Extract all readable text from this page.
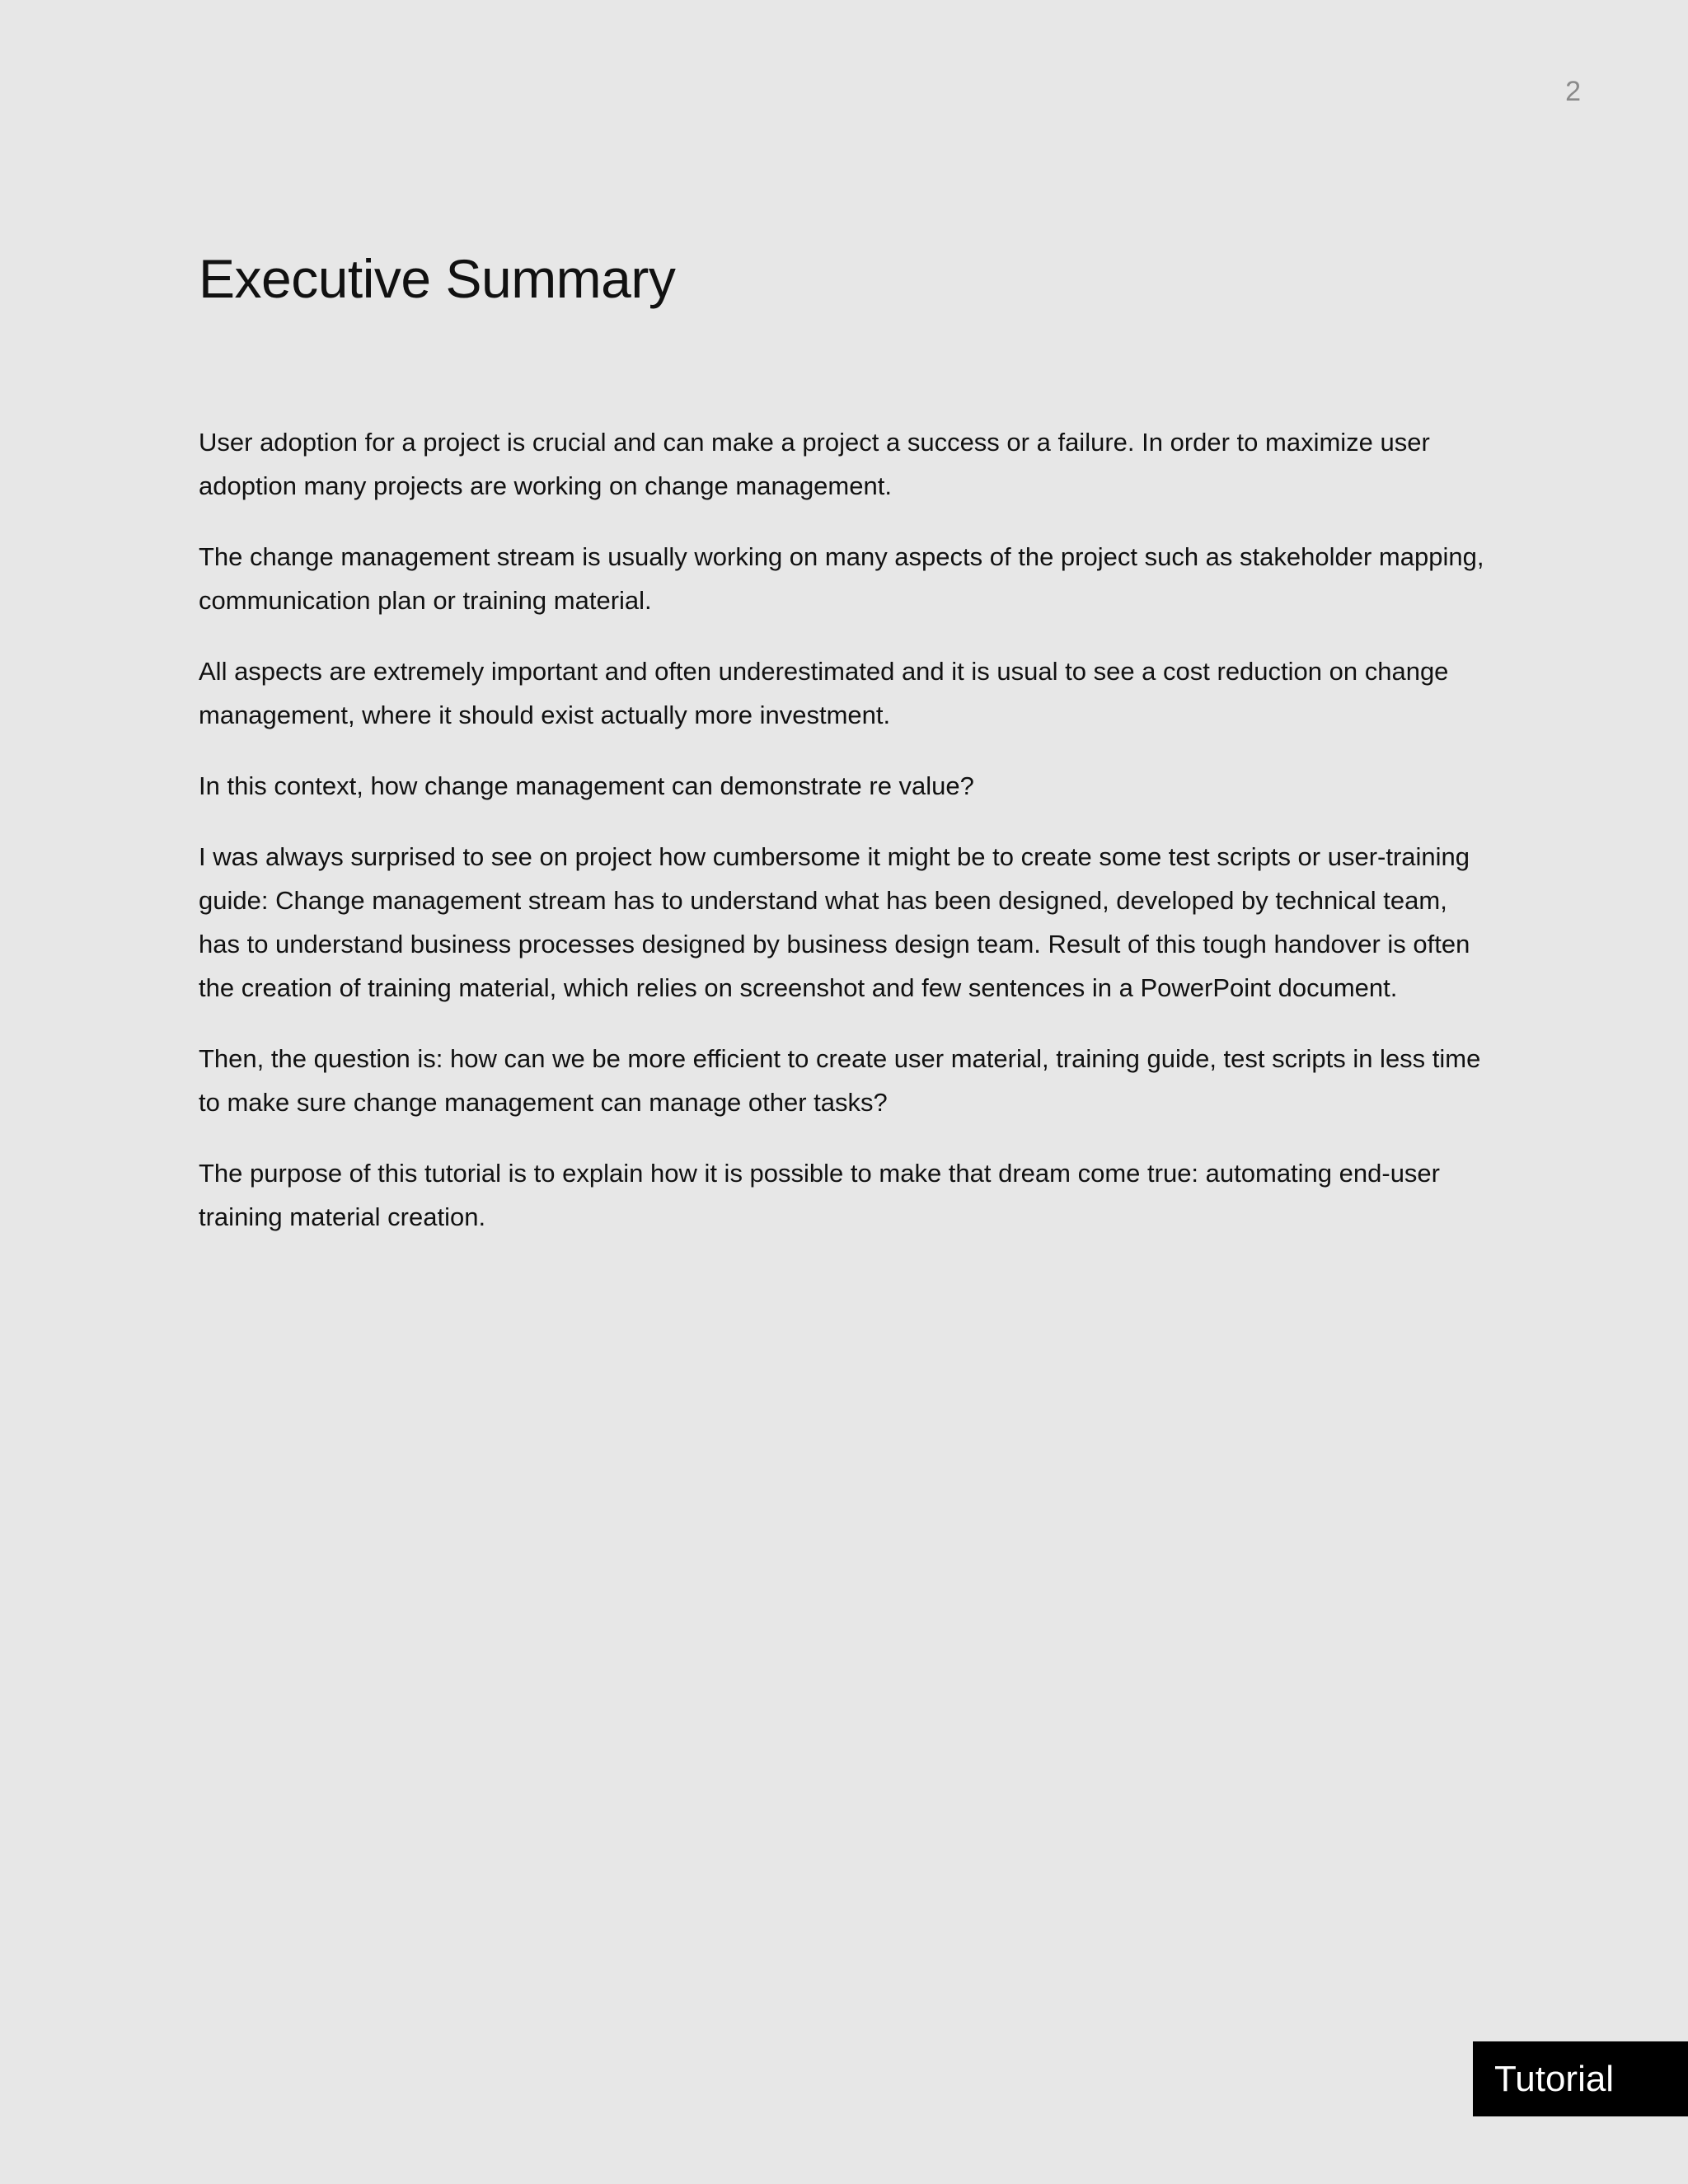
2
Executive Summary

User adoption for a project is crucial and can make a project a success or a failure. In order to maximize user adoption many projects are working on change management.

The change management stream is usually working on many aspects of the project such as stakeholder mapping, communication plan or training material.

All aspects are extremely important and often underestimated and it is usual to see a cost reduction on change management, where it should exist actually more investment.

In this context, how change management can demonstrate re value?

I was always surprised to see on project how cumbersome it might be to create some test scripts or user-training guide: Change management stream has to understand what has been designed, developed by technical team, has to understand business processes designed by business design team. Result of this tough handover is often the creation of training material, which relies on screenshot and few sentences in a PowerPoint document.

Then, the question is: how can we be more efficient to create user material, training guide, test scripts in less time to make sure change management can manage other tasks?

The purpose of this tutorial is to explain how it is possible to make that dream come true: automating end-user training material creation.

Tutorial
